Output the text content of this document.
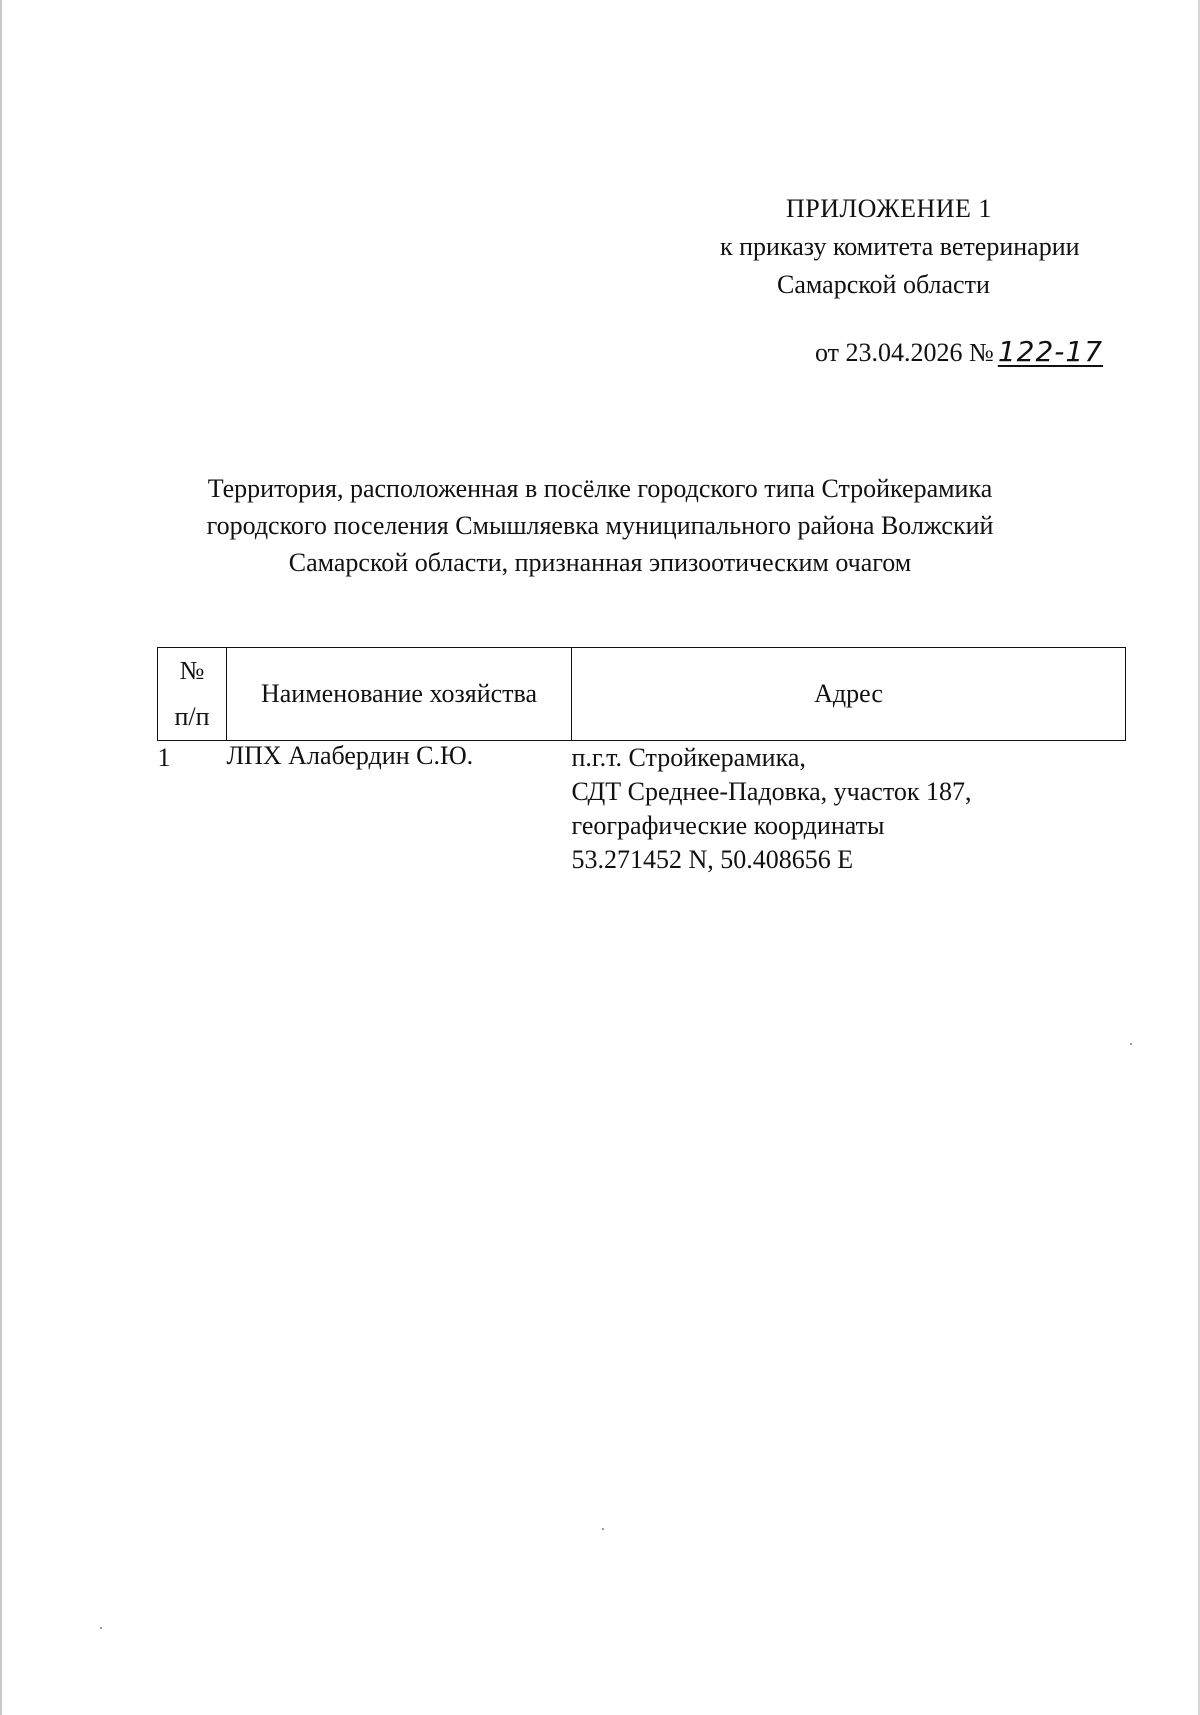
ПРИЛОЖЕНИЕ 1
к приказу комитета ветеринарии
Самарской области
от 23.04.2026 № 122-17
Территория, расположенная в посёлке городского типа Стройкерамика
городского поселения Смышляевка муниципального района Волжский
Самарской области, признанная эпизоотическим очагом
№
п/п	Наименование хозяйства	Адрес
1	ЛПХ Алабердин С.Ю.	п.г.т. Стройкерамика,
СДТ Среднее-Падовка, участок 187,
географические координаты
53.271452 N, 50.408656 E
